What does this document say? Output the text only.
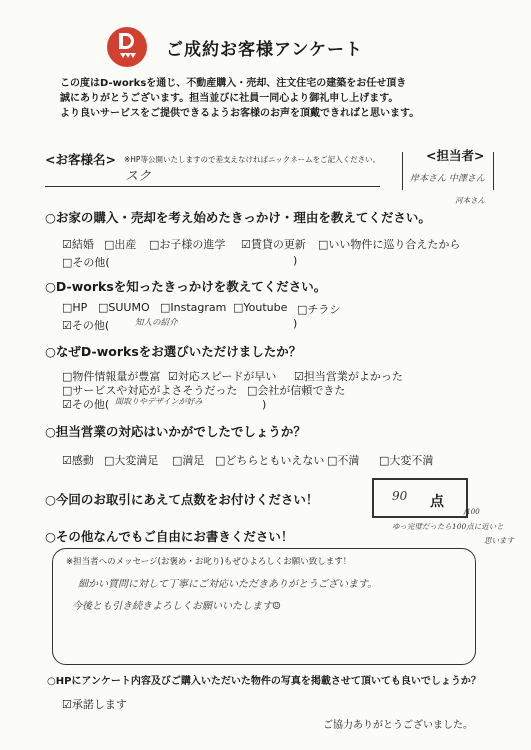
ご成約お客様アンケート
この度はD-worksを通じ、不動産購入・売却、注文住宅の建築をお任せ頂き
誠にありがとうございます。担当並びに社員一同心より御礼申し上げます。
より良いサービスをご提供できるようお客様のお声を頂戴できればと思います。
<お客様名> ※HP等公開いたしますので差支えなければニックネームをご記入ください。
スク
<担当者>
岸本さん 中澤さん
河本さん
○お家の購入・売却を考え始めたきっかけ・理由を教えてください。
☑結婚 □出産 □お子様の進学 ☑賃貸の更新 □いい物件に巡り合えたから
□その他(	)
○D-worksを知ったきっかけを教えてください。
□HP □SUUMO □Instagram □Youtube □チラシ
☑その他(	知人の紹介	)
○なぜD-worksをお選びいただけましたか？
□物件情報量が豊富 ☑対応スピードが早い ☑担当営業がよかった
□サービスや対応がよさそうだった □会社が信頼できた
☑その他( 間取りやデザインが好み	)
○担当営業の対応はいかがでしたでしょうか？
☑感動 □大変満足 □満足 □どちらともいえない □不満 □大変不満
○今回のお取引にあえて点数をお付けください！	90 点
/100
ゆっ完璧だったら100点に近いと
思います
○その他なんでもご自由にお書きください！
※担当者へのメッセージ(お褒め・お叱り)もぜひよろしくお願い致します！
細かい質問に対して丁寧にご対応いただきありがとうございます。
今後とも引き続きよろしくお願いいたします☺
○HPにアンケート内容及びご購入いただいた物件の写真を掲載させて頂いても良いでしょうか？
☑承諾します
ご協力ありがとうございました。
